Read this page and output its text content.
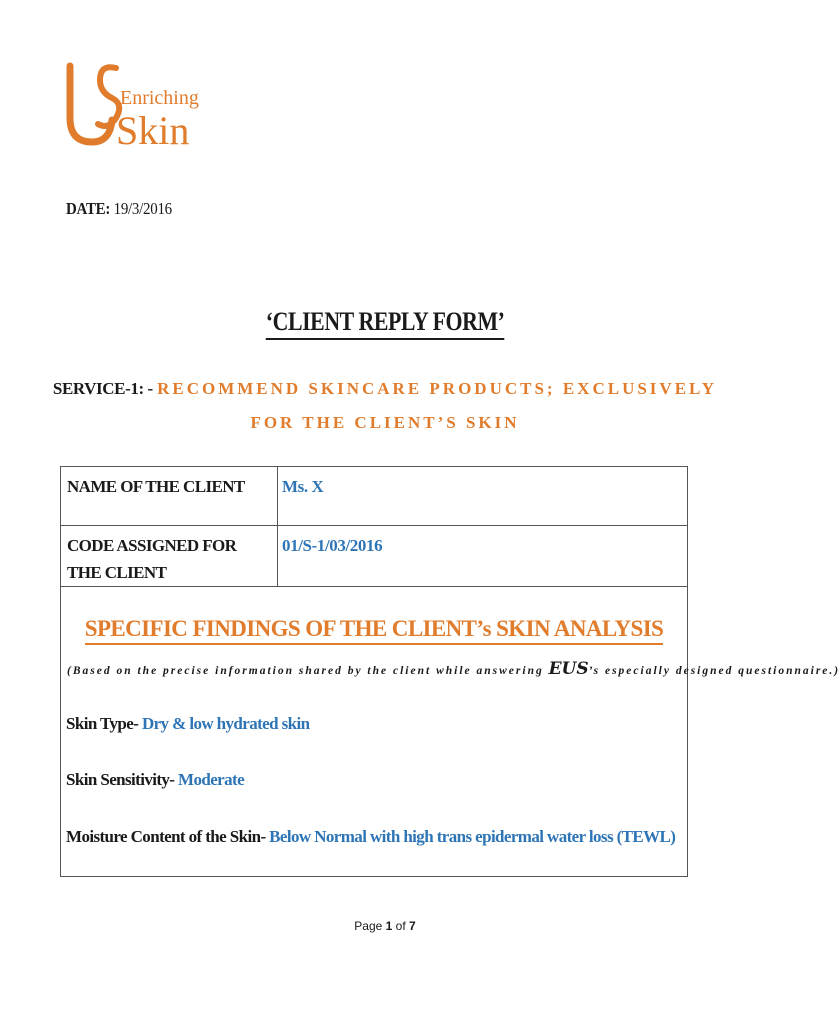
Enriching
Skin
DATE: 19/3/2016
‘CLIENT REPLY FORM’
SERVICE-1: - RECOMMEND SKINCARE PRODUCTS; EXCLUSIVELY FOR THE CLIENT’S SKIN
NAME OF THE CLIENT	Ms. X
CODE ASSIGNED FOR THE CLIENT	01/S-1/03/2016
SPECIFIC FINDINGS OF THE CLIENT’s SKIN ANALYSIS
(Based on the precise information shared by the client while answering EUS’s especially designed questionnaire.)
Skin Type- Dry & low hydrated skin
Skin Sensitivity- Moderate
Moisture Content of the Skin- Below Normal with high trans epidermal water loss (TEWL)
Page 1 of 7
